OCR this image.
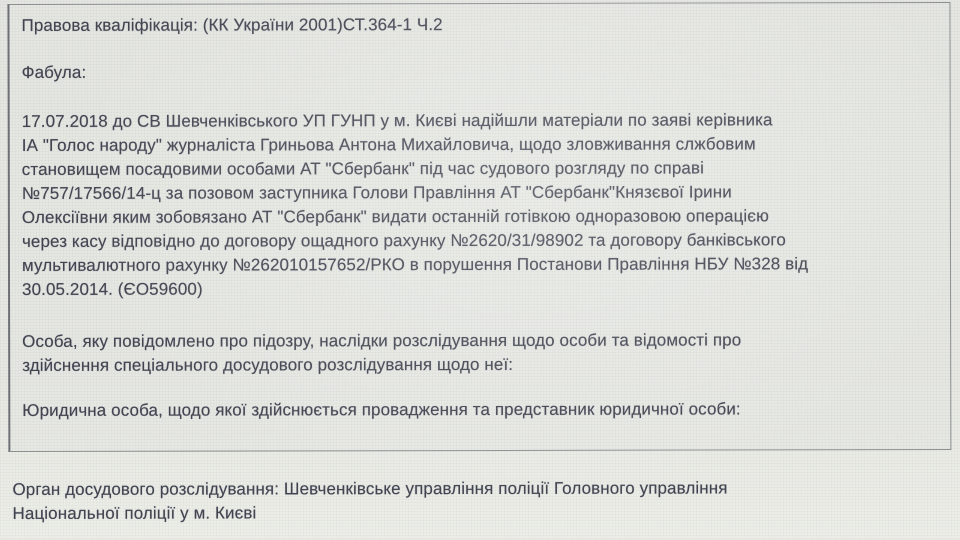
Правова кваліфікація: (КК України 2001)СТ.364-1 Ч.2
Фабула:
17.07.2018 до СВ Шевченківського УП ГУНП у м. Києві надійшли матеріали по заяві керівника
ІА "Голос народу" журналіста Гриньова Антона Михайловича, щодо зловживання слжбовим
становищем посадовими особами АТ "Сбербанк" під час судового розгляду по справі
№757/17566/14-ц за позовом заступника Голови Правління АТ "Сбербанк"Князєвої Ірини
Олексіївни яким зобовязано АТ "Сбербанк" видати останній готівкою одноразовою операцією
через касу відповідно до договору ощадного рахунку №2620/31/98902 та договору банківського
мультивалютного рахунку №262010157652/РКО в порушення Постанови Правління НБУ №328 від
30.05.2014. (ЄО59600)
Особа, яку повідомлено про підозру, наслідки розслідування щодо особи та відомості про
здійснення спеціального досудового розслідування щодо неї:
Юридична особа, щодо якої здійснюється провадження та представник юридичної особи:
Орган досудового розслідування: Шевченківське управління поліції Головного управління
Національної поліції у м. Києві
